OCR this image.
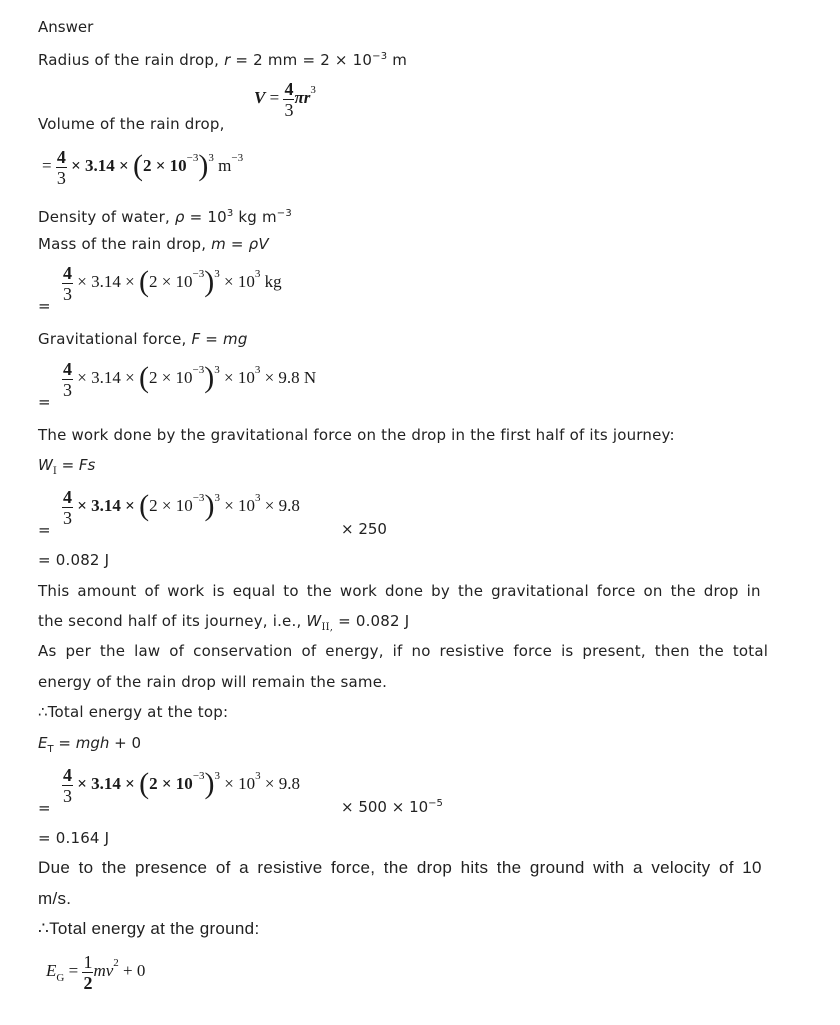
Answer
Radius of the rain drop, r = 2 mm = $2 \times 10^{-3}$ m
$V = \frac{4}{3} \pi r^3$
Volume of the rain drop,
= $\frac{4}{3} \times 3.14 \times (2 \times 10^{-3})^3$ $m^{-3}$
Density of water, $\rho = 10^3$ kg $m^{-3}$
Mass of the rain drop, m = ρV
=
$\frac{4}{3} \times 3.14 \times (2 \times 10^{-3})^3 \times 10^3$ kg
Gravitational force, F = mg
=
$\frac{4}{3} \times 3.14 \times (2 \times 10^{-3})^3 \times 10^3 \times 9.8$ N
The work done by the gravitational force on the drop in the first half of its journey:
$W_I = Fs$
=
$\frac{4}{3} \times 3.14 \times (2 \times 10^{-3})^3 \times 10^3 \times 9.8$
× 250
= 0.082 J
This amount of work is equal to the work done by the gravitational force on the drop in
the second half of its journey, i.e., $W_{II,} = 0.082$ J
As per the law of conservation of energy, if no resistive force is present, then the total
energy of the rain drop will remain the same.
∴Total energy at the top:
$E_T$ = mgh + 0
=
$\frac{4}{3} \times 3.14 \times (2 \times 10^{-3})^3 \times 10^3 \times 9.8$
× $500 \times 10^{-5}$
= 0.164 J
Due to the presence of a resistive force, the drop hits the ground with a velocity of 10
m/s.
∴Total energy at the ground:
$E_G = \frac{1}{2} mv^2 + 0$
